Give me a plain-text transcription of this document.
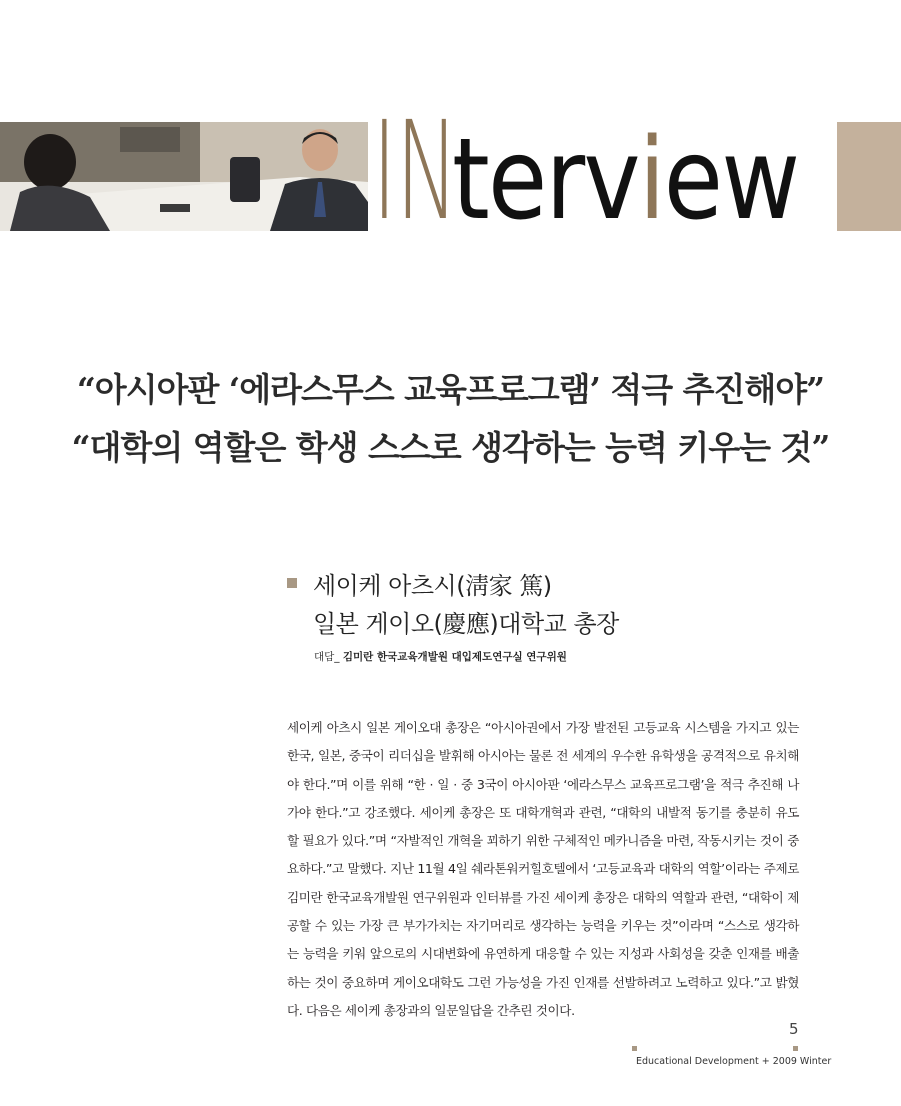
INterview
“아시아판 ‘에라스무스 교육프로그램’ 적극 추진해야”
“대학의 역할은 학생 스스로 생각하는 능력 키우는 것”
세이케 아츠시(淸家 篤)
일본 게이오(慶應)대학교 총장
대담_ 김미란 한국교육개발원 대입제도연구실 연구위원

세이케 아츠시 일본 게이오대 총장은 “아시아권에서 가장 발전된 고등교육 시스템을 가지고 있는 한국, 일본, 중국이 리더십을 발휘해 아시아는 물론 전 세계의 우수한 유학생을 공격적으로 유치해야 한다.”며 이를 위해 “한 · 일 · 중 3국이 아시아판 ‘에라스무스 교육프로그램’을 적극 추진해 나가야 한다.”고 강조했다. 세이케 총장은 또 대학개혁과 관련, “대학의 내발적 동기를 충분히 유도할 필요가 있다.”며 “자발적인 개혁을 꾀하기 위한 구체적인 메카니즘을 마련, 작동시키는 것이 중요하다.”고 말했다. 지난 11월 4일 쉐라톤워커힐호텔에서 ‘고등교육과 대학의 역할’이라는 주제로 김미란 한국교육개발원 연구위원과 인터뷰를 가진 세이케 총장은 대학의 역할과 관련, “대학이 제공할 수 있는 가장 큰 부가가치는 자기머리로 생각하는 능력을 키우는 것”이라며 “스스로 생각하는 능력을 키워 앞으로의 시대변화에 유연하게 대응할 수 있는 지성과 사회성을 갖춘 인재를 배출하는 것이 중요하며 게이오대학도 그런 가능성을 가진 인재를 선발하려고 노력하고 있다.”고 밝혔다. 다음은 세이케 총장과의 일문일답을 간추린 것이다.

5
Educational Development + 2009 Winter
